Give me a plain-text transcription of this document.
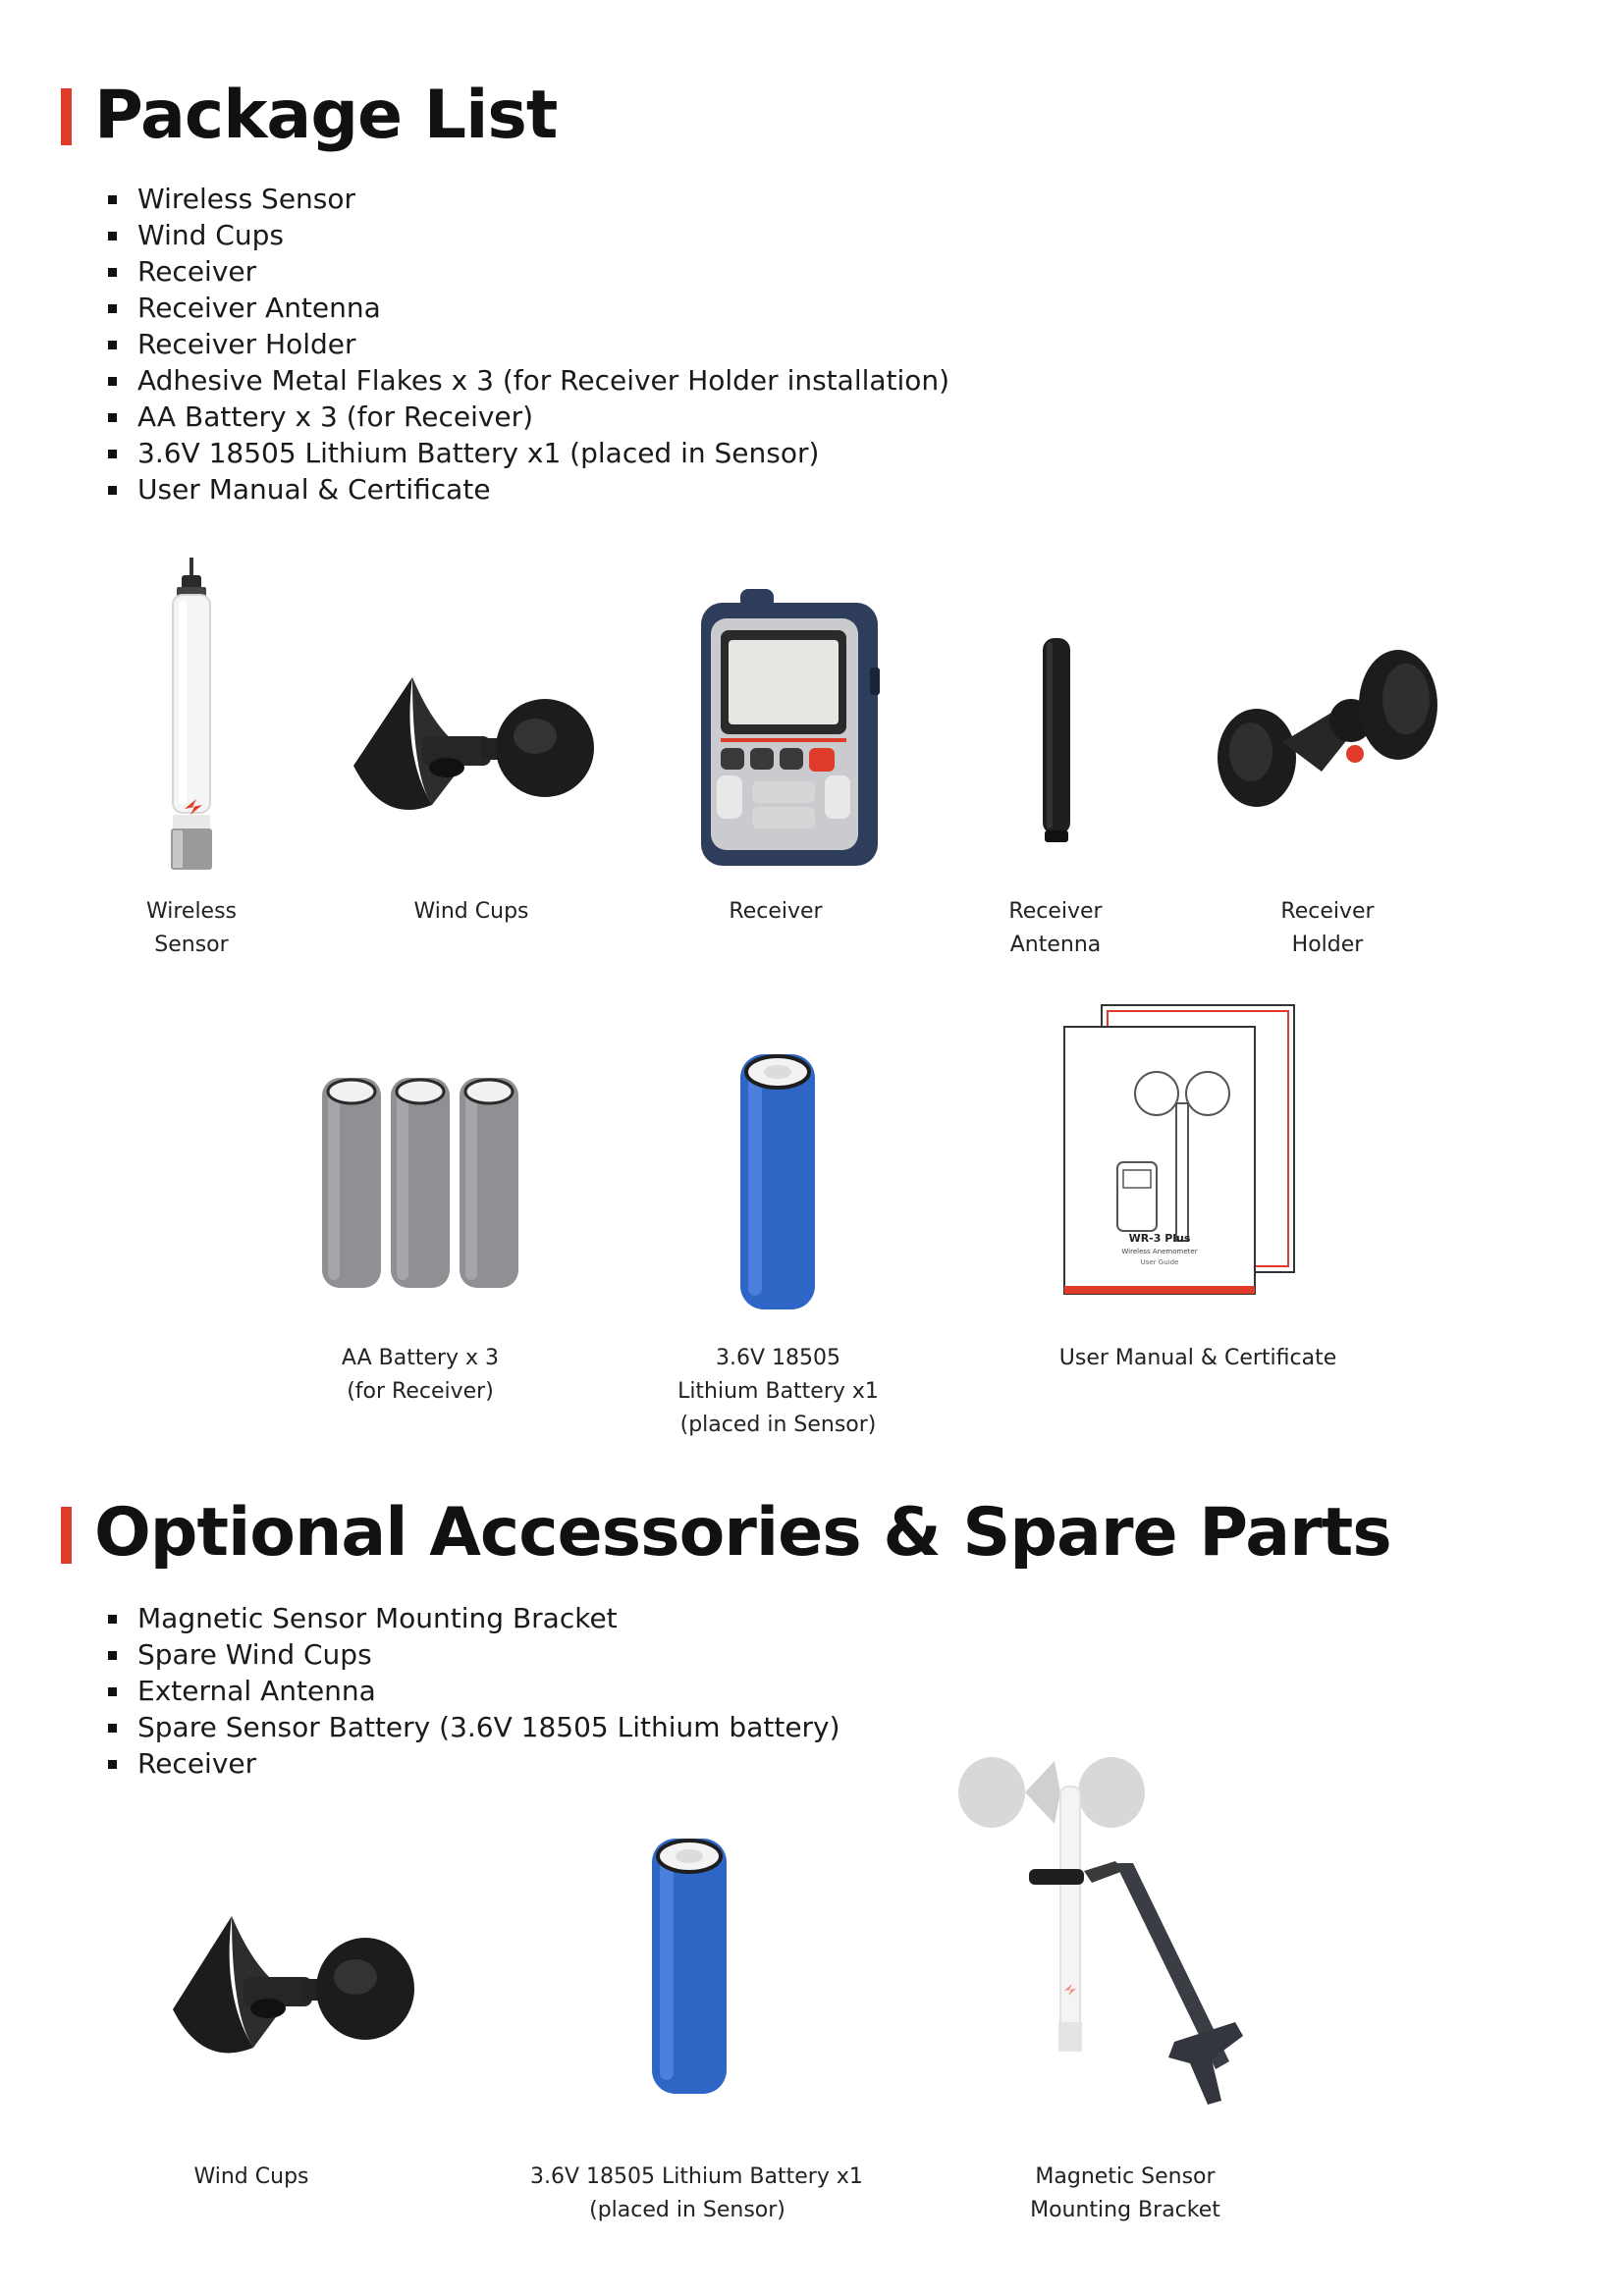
Package List
Wireless Sensor
Wind Cups
Receiver
Receiver Antenna
Receiver Holder
Adhesive Metal Flakes x 3 (for Receiver Holder installation)
AA Battery x 3 (for Receiver)
3.6V 18505 Lithium Battery x1 (placed in Sensor)
User Manual & Certificate
Wireless
Sensor
Wind Cups	Receiver	Receiver
Antenna
Receiver
Holder
AA Battery x 3
(for Receiver)
3.6V 18505
Lithium Battery x1
(placed in Sensor)
WR-3 Plus
Wireless Anemometer
User Guide
User Manual & Certificate
Optional Accessories & Spare Parts
Magnetic Sensor Mounting Bracket
Spare Wind Cups
External Antenna
Spare Sensor Battery (3.6V 18505 Lithium battery)
Receiver
Wind Cups	3.6V 18505 Lithium Battery x1
(placed in Sensor)
Magnetic Sensor
Mounting Bracket
